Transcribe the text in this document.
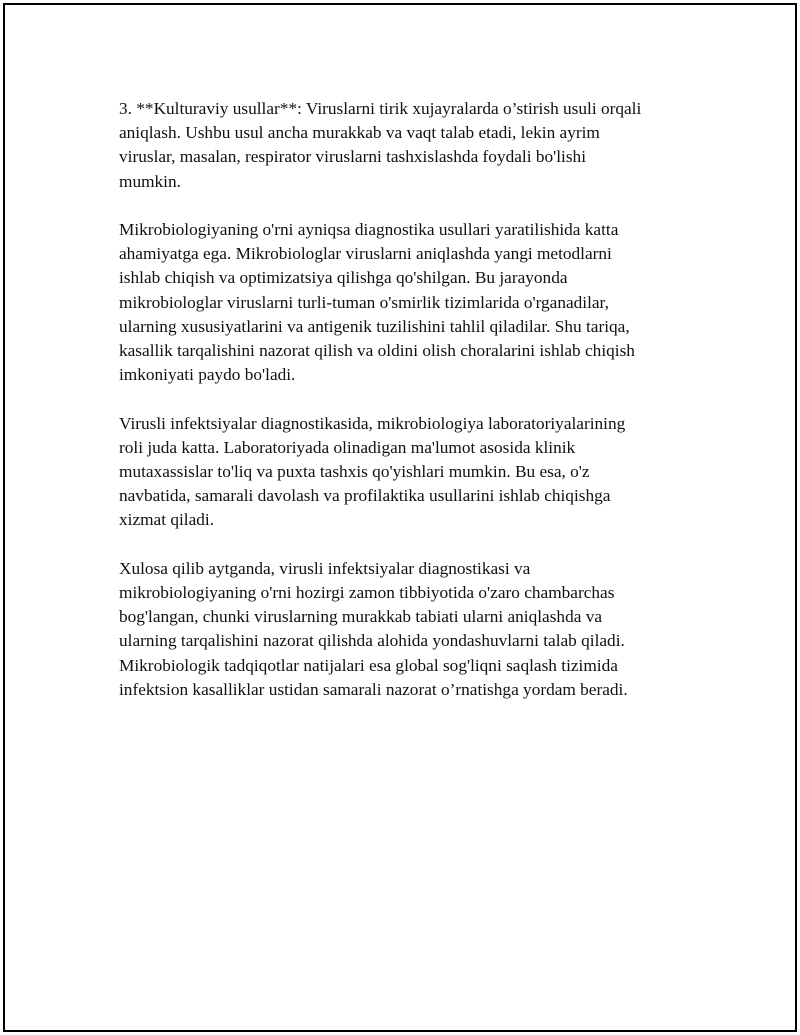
3. **Kulturaviy usullar**: Viruslarni tirik xujayralarda o’stirish usuli orqali
aniqlash. Ushbu usul ancha murakkab va vaqt talab etadi, lekin ayrim
viruslar, masalan, respirator viruslarni tashxislashda foydali bo'lishi
mumkin.

Mikrobiologiyaning o'rni ayniqsa diagnostika usullari yaratilishida katta
ahamiyatga ega. Mikrobiologlar viruslarni aniqlashda yangi metodlarni
ishlab chiqish va optimizatsiya qilishga qo'shilgan. Bu jarayonda
mikrobiologlar viruslarni turli-tuman o'smirlik tizimlarida o'rganadilar,
ularning xususiyatlarini va antigenik tuzilishini tahlil qiladilar. Shu tariqa,
kasallik tarqalishini nazorat qilish va oldini olish choralarini ishlab chiqish
imkoniyati paydo bo'ladi.

Virusli infektsiyalar diagnostikasida, mikrobiologiya laboratoriyalarining
roli juda katta. Laboratoriyada olinadigan ma'lumot asosida klinik
mutaxassislar to'liq va puxta tashxis qo'yishlari mumkin. Bu esa, o'z
navbatida, samarali davolash va profilaktika usullarini ishlab chiqishga
xizmat qiladi.

Xulosa qilib aytganda, virusli infektsiyalar diagnostikasi va
mikrobiologiyaning o'rni hozirgi zamon tibbiyotida o'zaro chambarchas
bog'langan, chunki viruslarning murakkab tabiati ularni aniqlashda va
ularning tarqalishini nazorat qilishda alohida yondashuvlarni talab qiladi.
Mikrobiologik tadqiqotlar natijalari esa global sog'liqni saqlash tizimida
infektsion kasalliklar ustidan samarali nazorat o’rnatishga yordam beradi.
